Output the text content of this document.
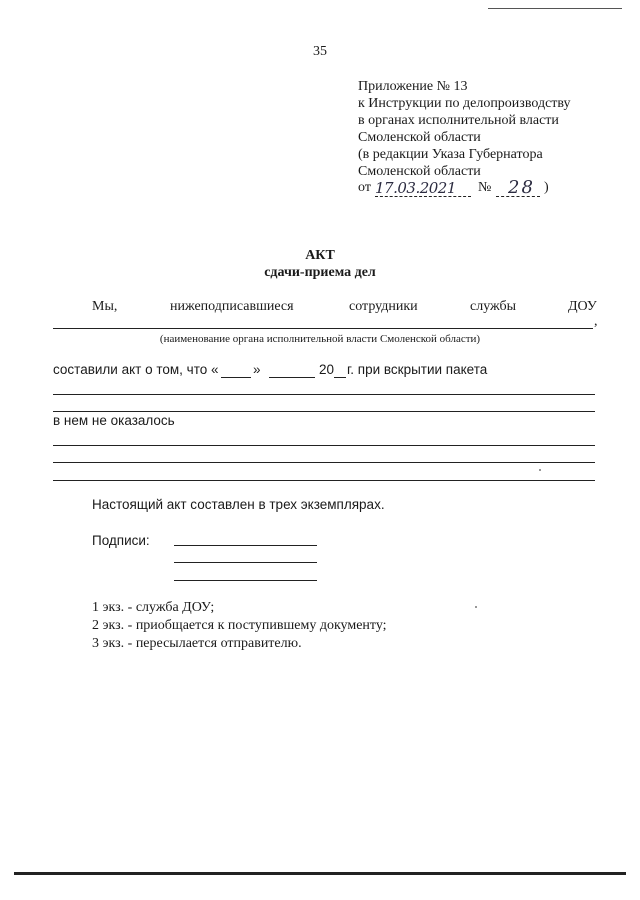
35
Приложение № 13
к Инструкции по делопроизводству
в органах исполнительной власти
Смоленской области
(в редакции Указа Губернатора
Смоленской области
от 17.03.2021 № 28 )
АКТ
сдачи-приема дел
Мы,	нижеподписавшиеся	сотрудники	службы	ДОУ
,
(наименование органа исполнительной власти Смоленской области)
составили акт о том, что «	»	20 г. при вскрытии пакета
в нем не оказалось
Настоящий акт составлен в трех экземплярах.
Подписи:
1 экз. - служба ДОУ;
2 экз. - приобщается к поступившему документу;
3 экз. - пересылается отправителю.
